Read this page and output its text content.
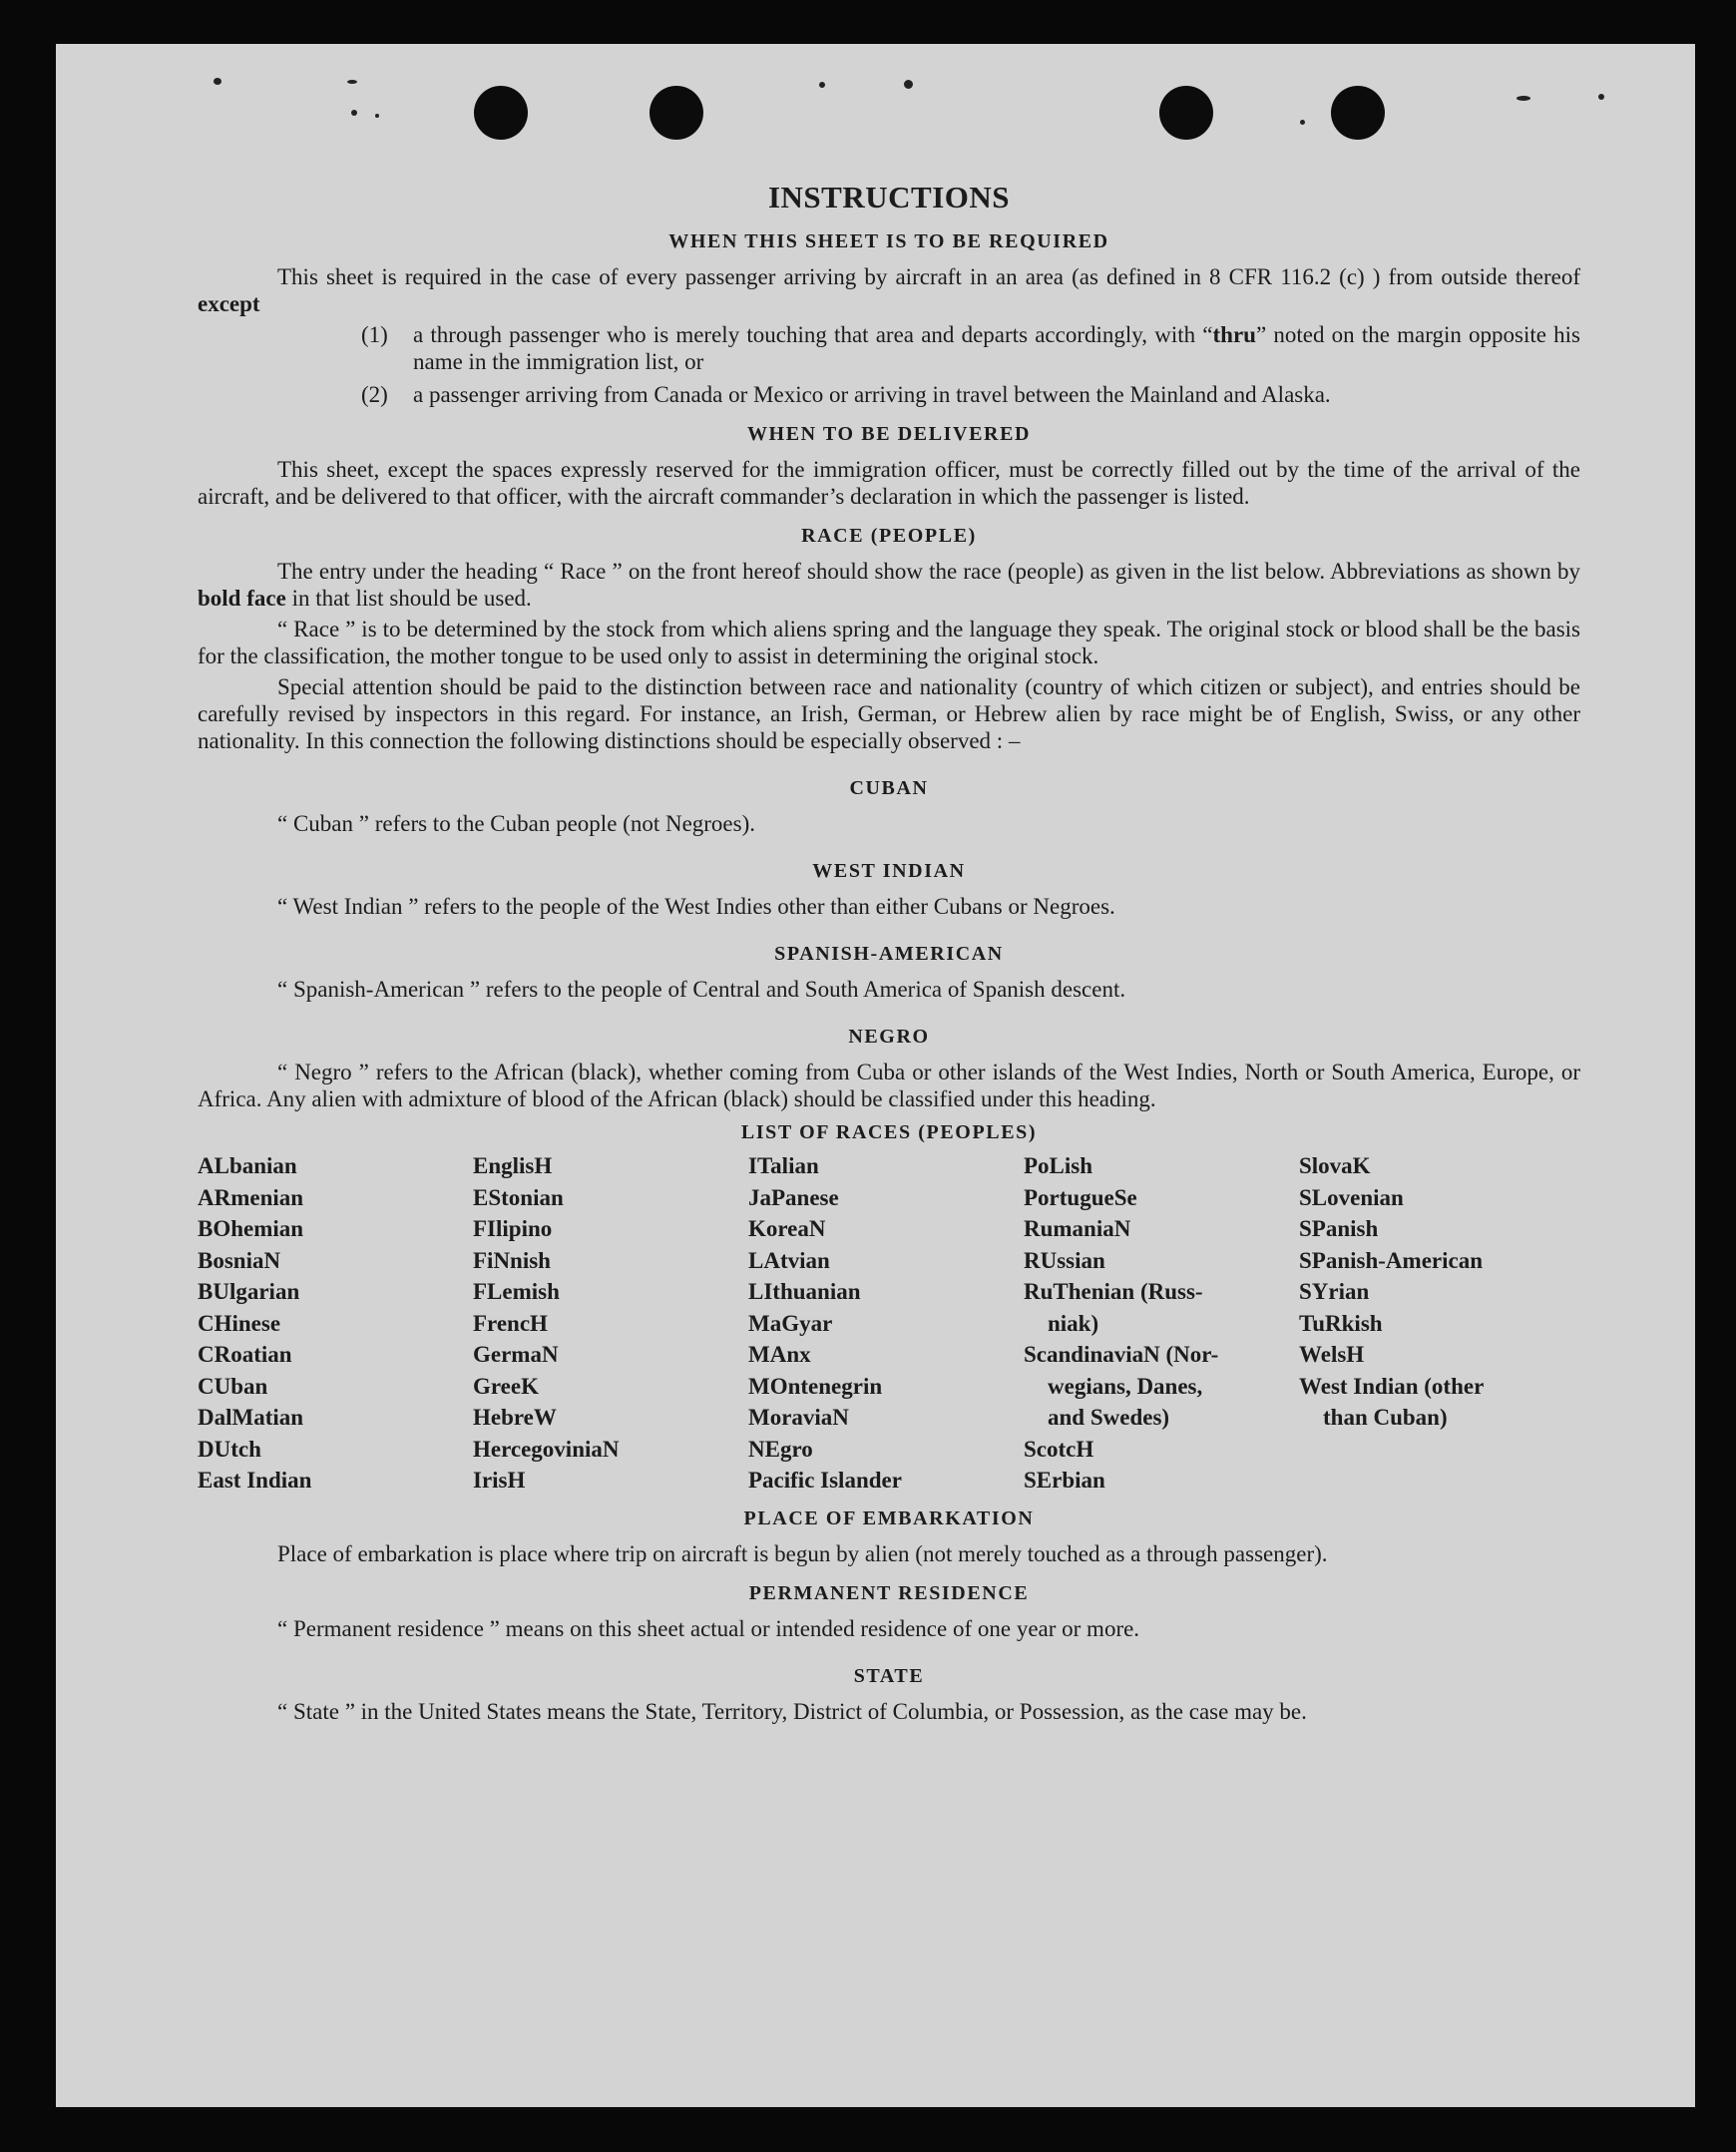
INSTRUCTIONS
WHEN THIS SHEET IS TO BE REQUIRED

This sheet is required in the case of every passenger arriving by aircraft in an area (as defined in 8 CFR 116.2 (c) ) from outside thereof except

(1)	a through passenger who is merely touching that area and departs accordingly, with “thru” noted on the margin opposite his name in the immigration list, or
(2)	a passenger arriving from Canada or Mexico or arriving in travel between the Mainland and Alaska.
WHEN TO BE DELIVERED

This sheet, except the spaces expressly reserved for the immigration officer, must be correctly filled out by the time of the arrival of the aircraft, and be delivered to that officer, with the aircraft commander’s declaration in which the passenger is listed.

RACE (PEOPLE)

The entry under the heading “ Race ” on the front hereof should show the race (people) as given in the list below. Abbreviations as shown by bold face in that list should be used.

“ Race ” is to be determined by the stock from which aliens spring and the language they speak. The original stock or blood shall be the basis for the classification, the mother tongue to be used only to assist in determining the original stock.

Special attention should be paid to the distinction between race and nationality (country of which citizen or subject), and entries should be carefully revised by inspectors in this regard. For instance, an Irish, German, or Hebrew alien by race might be of English, Swiss, or any other nationality. In this connection the following distinctions should be especially observed : –

CUBAN

“ Cuban ” refers to the Cuban people (not Negroes).

WEST INDIAN

“ West Indian ” refers to the people of the West Indies other than either Cubans or Negroes.

SPANISH-AMERICAN

“ Spanish-American ” refers to the people of Central and South America of Spanish descent.

NEGRO

“ Negro ” refers to the African (black), whether coming from Cuba or other islands of the West Indies, North or South America, Europe, or Africa. Any alien with admixture of blood of the African (black) should be classified under this heading.

LIST OF RACES (PEOPLES)
ALbanian
ARmenian
BOhemian
BosniaN
BUlgarian
CHinese
CRoatian
CUban
DalMatian
DUtch
East Indian
EnglisH
EStonian
FIlipino
FiNnish
FLemish
FrencH
GermaN
GreeK
HebreW
HercegoviniaN
IrisH
ITalian
JaPanese
KoreaN
LAtvian
LIthuanian
MaGyar
MAnx
MOntenegrin
MoraviaN
NEgro
Pacific Islander
PoLish
PortugueSe
RumaniaN
RUssian
RuThenian (Russ-
niak)
ScandinaviaN (Nor-
wegians, Danes,
and Swedes)
ScotcH
SErbian
SlovaK
SLovenian
SPanish
SPanish-American
SYrian
TuRkish
WelsH
West Indian (other
than Cuban)
PLACE OF EMBARKATION

Place of embarkation is place where trip on aircraft is begun by alien (not merely touched as a through passenger).

PERMANENT RESIDENCE

“ Permanent residence ” means on this sheet actual or intended residence of one year or more.

STATE

“ State ” in the United States means the State, Territory, District of Columbia, or Possession, as the case may be.
